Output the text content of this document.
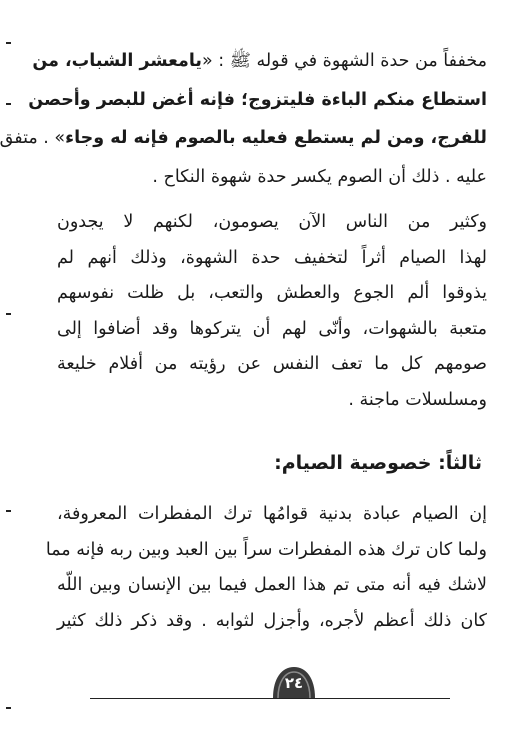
مخففاً من حدة الشهوة في قوله ﷺ : «يامعشر الشباب، من
استطاع منكم الباءة فليتزوج؛ فإنه أغض للبصر وأحصن
للفرج، ومن لم يستطع فعليه بالصوم فإنه له وجاء» . متفق
عليه . ذلك أن الصوم يكسر حدة شهوة النكاح .
وكثير من الناس الآن يصومون، لكنهم لا يجدون
لهذا الصيام أثراً لتخفيف حدة الشهوة، وذلك أنهم لم
يذوقوا ألم الجوع والعطش والتعب، بل ظلت نفوسهم
متعبة بالشهوات، وأنّى لهم أن يتركوها وقد أضافوا إلى
صومهم كل ما تعف النفس عن رؤيته من أفلام خليعة
ومسلسلات ماجنة .
ثالثاً: خصوصية الصيام:
إن الصيام عبادة بدنية قوامُها ترك المفطرات المعروفة،
ولما كان ترك هذه المفطرات سراً بين العبد وبين ربه فإنه مما
لاشك فيه أنه متى تم هذا العمل فيما بين الإنسان وبين اللّه
كان ذلك أعظم لأجره، وأجزل لثوابه . وقد ذكر ذلك كثير
٢٤
